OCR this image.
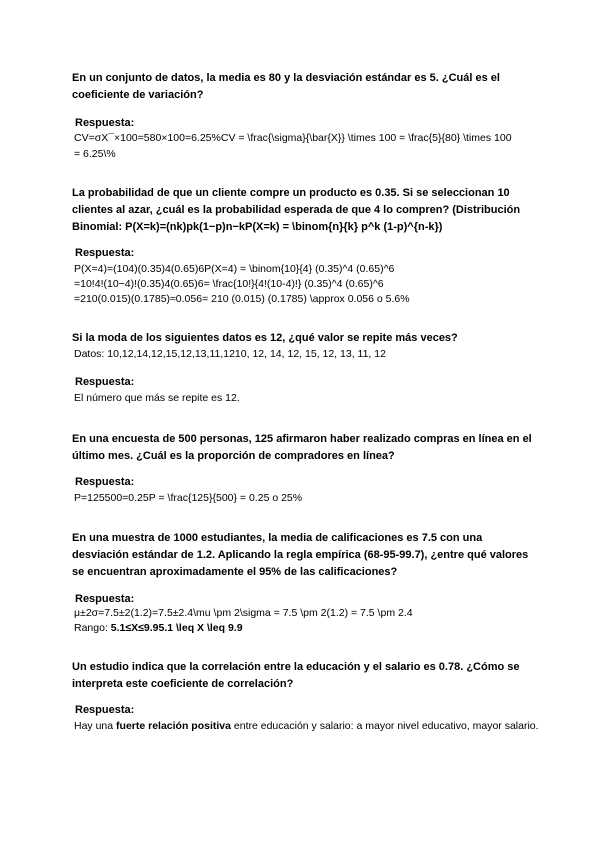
En un conjunto de datos, la media es 80 y la desviación estándar es 5. ¿Cuál es el coeficiente de variación?
Respuesta:
CV=σX¯×100=580×100=6.25%CV = \frac{\sigma}{\bar{X}} \times 100 = \frac{5}{80} \times 100 = 6.25\%
La probabilidad de que un cliente compre un producto es 0.35. Si se seleccionan 10 clientes al azar, ¿cuál es la probabilidad esperada de que 4 lo compren? (Distribución Binomial: P(X=k)=(nk)pk(1−p)n−kP(X=k) = \binom{n}{k} p^k (1-p)^{n-k})
Respuesta:
P(X=4)=(104)(0.35)4(0.65)6P(X=4) = \binom{10}{4} (0.35)^4 (0.65)^6
=10!4!(10−4)!(0.35)4(0.65)6= \frac{10!}{4!(10-4)!} (0.35)^4 (0.65)^6
=210(0.015)(0.1785)≈0.056= 210 (0.015) (0.1785) \approx 0.056 o 5.6%
Si la moda de los siguientes datos es 12, ¿qué valor se repite más veces?
Datos: 10,12,14,12,15,12,13,11,1210, 12, 14, 12, 15, 12, 13, 11, 12
Respuesta:
El número que más se repite es 12.
En una encuesta de 500 personas, 125 afirmaron haber realizado compras en línea en el último mes. ¿Cuál es la proporción de compradores en línea?
Respuesta:
P=125500=0.25P = \frac{125}{500} = 0.25 o 25%
En una muestra de 1000 estudiantes, la media de calificaciones es 7.5 con una desviación estándar de 1.2. Aplicando la regla empírica (68-95-99.7), ¿entre qué valores se encuentran aproximadamente el 95% de las calificaciones?
Respuesta:
μ±2σ=7.5±2(1.2)=7.5±2.4\mu \pm 2\sigma = 7.5 \pm 2(1.2) = 7.5 \pm 2.4
Rango: 5.1≤X≤9.95.1 \leq X \leq 9.9
Un estudio indica que la correlación entre la educación y el salario es 0.78. ¿Cómo se interpreta este coeficiente de correlación?
Respuesta:
Hay una fuerte relación positiva entre educación y salario: a mayor nivel educativo, mayor salario.
